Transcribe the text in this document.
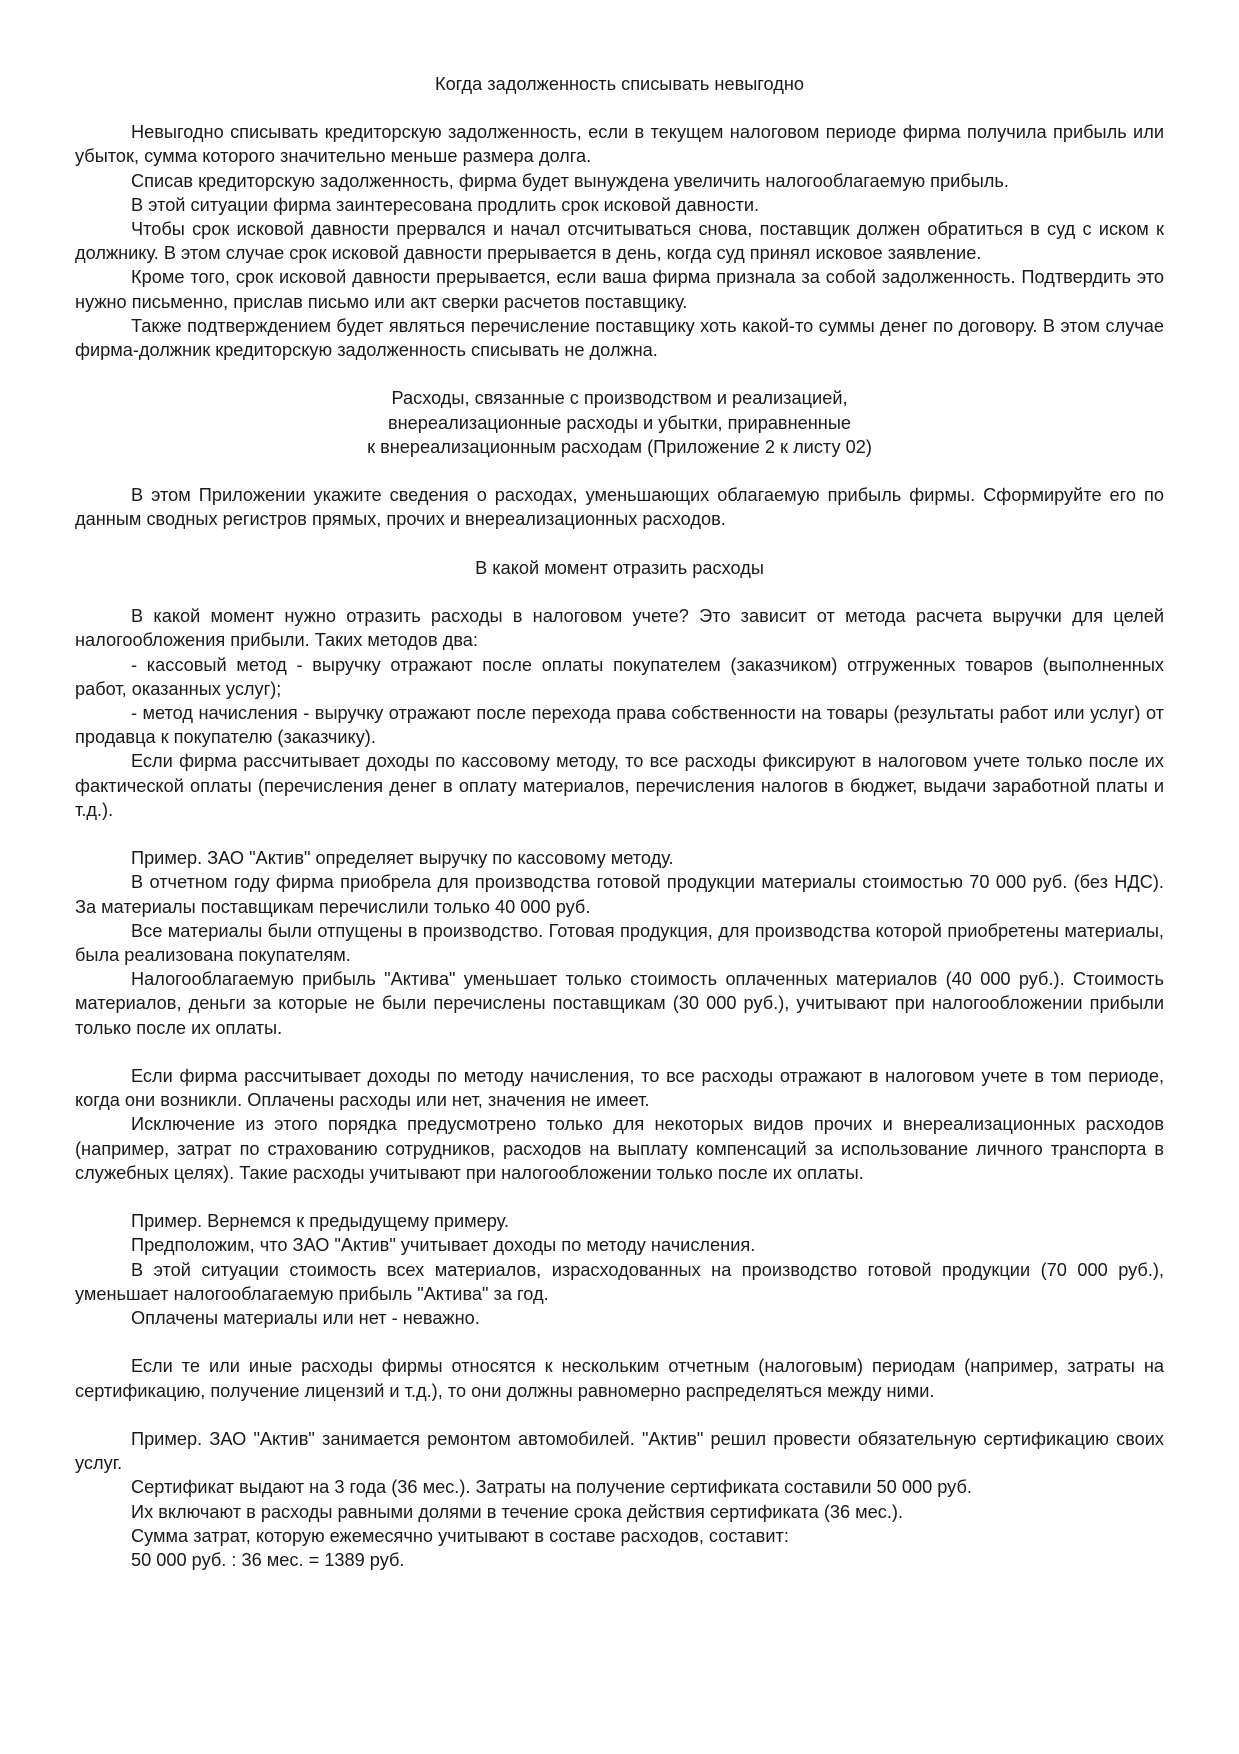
Когда задолженность списывать невыгодно

Невыгодно списывать кредиторскую задолженность, если в текущем налоговом периоде фирма получила прибыль или убыток, сумма которого значительно меньше размера долга.

Списав кредиторскую задолженность, фирма будет вынуждена увеличить налогооблагаемую прибыль.

В этой ситуации фирма заинтересована продлить срок исковой давности.

Чтобы срок исковой давности прервался и начал отсчитываться снова, поставщик должен обратиться в суд с иском к должнику. В этом случае срок исковой давности прерывается в день, когда суд принял исковое заявление.

Кроме того, срок исковой давности прерывается, если ваша фирма признала за собой задолженность. Подтвердить это нужно письменно, прислав письмо или акт сверки расчетов поставщику.

Также подтверждением будет являться перечисление поставщику хоть какой-то суммы денег по договору. В этом случае фирма-должник кредиторскую задолженность списывать не должна.

Расходы, связанные с производством и реализацией,

внереализационные расходы и убытки, приравненные

к внереализационным расходам (Приложение 2 к листу 02)

В этом Приложении укажите сведения о расходах, уменьшающих облагаемую прибыль фирмы. Сформируйте его по данным сводных регистров прямых, прочих и внереализационных расходов.

В какой момент отразить расходы

В какой момент нужно отразить расходы в налоговом учете? Это зависит от метода расчета выручки для целей налогообложения прибыли. Таких методов два:

- кассовый метод - выручку отражают после оплаты покупателем (заказчиком) отгруженных товаров (выполненных работ, оказанных услуг);

- метод начисления - выручку отражают после перехода права собственности на товары (результаты работ или услуг) от продавца к покупателю (заказчику).

Если фирма рассчитывает доходы по кассовому методу, то все расходы фиксируют в налоговом учете только после их фактической оплаты (перечисления денег в оплату материалов, перечисления налогов в бюджет, выдачи заработной платы и т.д.).

Пример. ЗАО "Актив" определяет выручку по кассовому методу.

В отчетном году фирма приобрела для производства готовой продукции материалы стоимостью 70 000 руб. (без НДС). За материалы поставщикам перечислили только 40 000 руб.

Все материалы были отпущены в производство. Готовая продукция, для производства которой приобретены материалы, была реализована покупателям.

Налогооблагаемую прибыль "Актива" уменьшает только стоимость оплаченных материалов (40 000 руб.). Стоимость материалов, деньги за которые не были перечислены поставщикам (30 000 руб.), учитывают при налогообложении прибыли только после их оплаты.

Если фирма рассчитывает доходы по методу начисления, то все расходы отражают в налоговом учете в том периоде, когда они возникли. Оплачены расходы или нет, значения не имеет.

Исключение из этого порядка предусмотрено только для некоторых видов прочих и внереализационных расходов (например, затрат по страхованию сотрудников, расходов на выплату компенсаций за использование личного транспорта в служебных целях). Такие расходы учитывают при налогообложении только после их оплаты.

Пример. Вернемся к предыдущему примеру.

Предположим, что ЗАО "Актив" учитывает доходы по методу начисления.

В этой ситуации стоимость всех материалов, израсходованных на производство готовой продукции (70 000 руб.), уменьшает налогооблагаемую прибыль "Актива" за год.

Оплачены материалы или нет - неважно.

Если те или иные расходы фирмы относятся к нескольким отчетным (налоговым) периодам (например, затраты на сертификацию, получение лицензий и т.д.), то они должны равномерно распределяться между ними.

Пример. ЗАО "Актив" занимается ремонтом автомобилей. "Актив" решил провести обязательную сертификацию своих услуг.

Сертификат выдают на 3 года (36 мес.). Затраты на получение сертификата составили 50 000 руб.

Их включают в расходы равными долями в течение срока действия сертификата (36 мес.).

Сумма затрат, которую ежемесячно учитывают в составе расходов, составит:

50 000 руб. : 36 мес. = 1389 руб.
